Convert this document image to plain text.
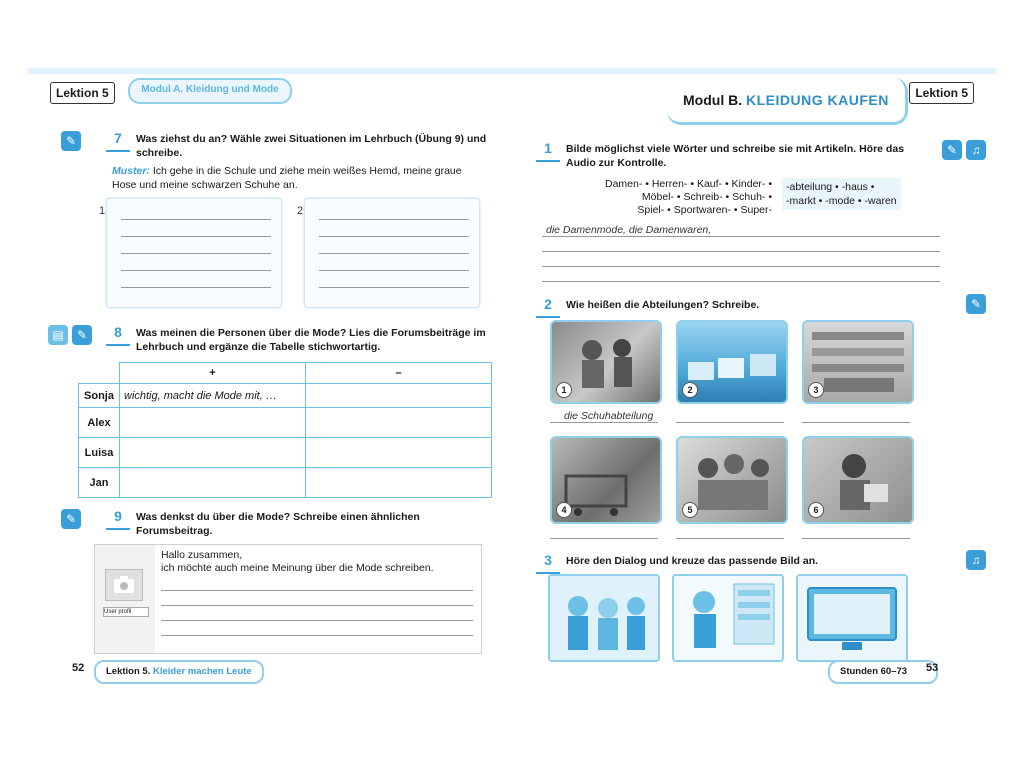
Lektion 5	Modul A. Kleidung und Mode
✎	7	Was ziehst du an? Wähle zwei Situationen im Lehrbuch (Übung 9) und schreibe.
Muster: Ich gehe in die Schule und ziehe mein weißes Hemd, meine graue Hose und meine schwarzen Schuhe an.
1	2
▤	✎	8	Was meinen die Personen über die Mode? Lies die Forumsbeiträge im Lehrbuch und ergänze die Tabelle stichwortartig.
	+	–
Sonja	wichtig, macht die Mode mit, …	
Alex		
Luisa		
Jan		
✎	9	Was denkst du über die Mode? Schreibe einen ähnlichen Forumsbeitrag.
User profil
Hallo zusammen,
ich möchte auch meine Meinung über die Mode schreiben.
52	Lektion 5. Kleider machen Leute
Modul B. KLEIDUNG KAUFEN	Lektion 5
1	Bilde möglichst viele Wörter und schreibe sie mit Artikeln. Höre das Audio zur Kontrolle.
✎	♫
Damen- • Herren- • Kauf- • Kinder- •
Möbel- • Schreib- • Schuh- •
Spiel- • Sportwaren- • Super-
-abteilung • -haus •
-markt • -mode • -waren
die Damenmode, die Damenwaren,
2	Wie heißen die Abteilungen? Schreibe.	✎
1	2	3
die Schuhabteilung
4	5	6
3	Höre den Dialog und kreuze das passende Bild an.	♫
Stunden 60–73	53
